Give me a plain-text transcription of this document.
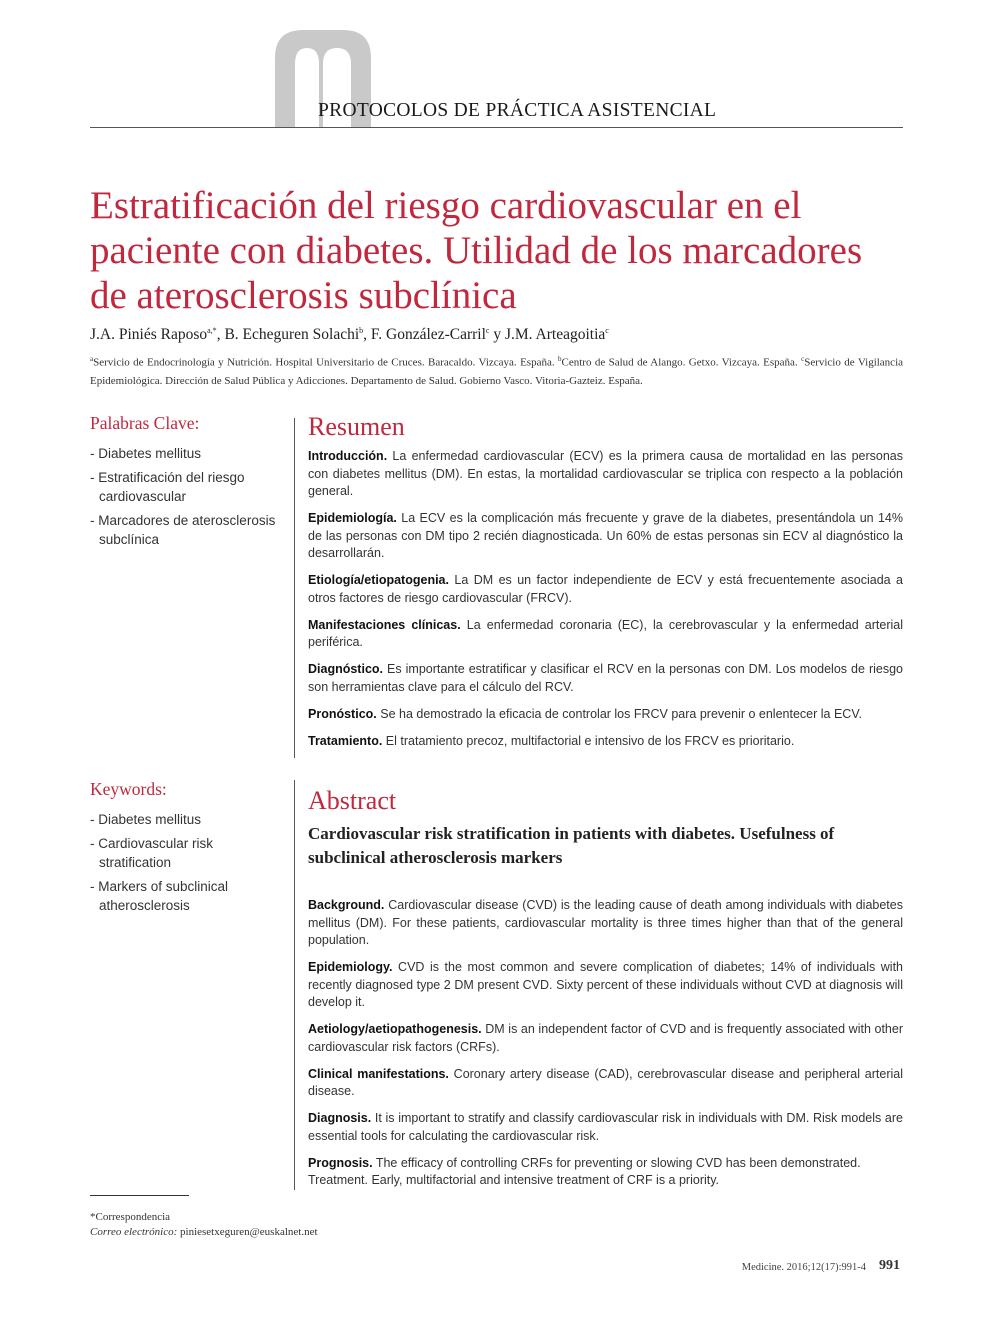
PROTOCOLOS DE PRÁCTICA ASISTENCIAL
Estratificación del riesgo cardiovascular en el paciente con diabetes. Utilidad de los marcadores de aterosclerosis subclínica
J.A. Piniés Raposo$^{a,*}$, B. Echeguren Solachi$^b$, F. González-Carril$^c$ y J.M. Arteagoitia$^c$
$^a$Servicio de Endocrinología y Nutrición. Hospital Universitario de Cruces. Baracaldo. Vizcaya. España. $^b$Centro de Salud de Alango. Getxo. Vizcaya. España. $^c$Servicio de Vigilancia Epidemiológica. Dirección de Salud Pública y Adicciones. Departamento de Salud. Gobierno Vasco. Vitoria-Gazteiz. España.
Palabras Clave:
- Diabetes mellitus
- Estratificación del riesgo cardiovascular
- Marcadores de aterosclerosis subclínica
Keywords:
- Diabetes mellitus
- Cardiovascular risk stratification
- Markers of subclinical atherosclerosis
Resumen

Introducción. La enfermedad cardiovascular (ECV) es la primera causa de mortalidad en las personas con diabetes mellitus (DM). En estas, la mortalidad cardiovascular se triplica con respecto a la población general.

Epidemiología. La ECV es la complicación más frecuente y grave de la diabetes, presentándola un 14% de las personas con DM tipo 2 recién diagnosticada. Un 60% de estas personas sin ECV al diagnóstico la desarrollarán.

Etiología/etiopatogenia. La DM es un factor independiente de ECV y está frecuentemente asociada a otros factores de riesgo cardiovascular (FRCV).

Manifestaciones clínicas. La enfermedad coronaria (EC), la cerebrovascular y la enfermedad arterial periférica.

Diagnóstico. Es importante estratificar y clasificar el RCV en la personas con DM. Los modelos de riesgo son herramientas clave para el cálculo del RCV.

Pronóstico. Se ha demostrado la eficacia de controlar los FRCV para prevenir o enlentecer la ECV.

Tratamiento. El tratamiento precoz, multifactorial e intensivo de los FRCV es prioritario.

Abstract
Cardiovascular risk stratification in patients with diabetes. Usefulness of subclinical atherosclerosis markers

Background. Cardiovascular disease (CVD) is the leading cause of death among individuals with diabetes mellitus (DM). For these patients, cardiovascular mortality is three times higher than that of the general population.

Epidemiology. CVD is the most common and severe complication of diabetes; 14% of individuals with recently diagnosed type 2 DM present CVD. Sixty percent of these individuals without CVD at diagnosis will develop it.

Aetiology/aetiopathogenesis. DM is an independent factor of CVD and is frequently associated with other cardiovascular risk factors (CRFs).

Clinical manifestations. Coronary artery disease (CAD), cerebrovascular disease and peripheral arterial disease.

Diagnosis. It is important to stratify and classify cardiovascular risk in individuals with DM. Risk models are essential tools for calculating the cardiovascular risk.

Prognosis. The efficacy of controlling CRFs for preventing or slowing CVD has been demonstrated. Treatment. Early, multifactorial and intensive treatment of CRF is a priority.

*Correspondencia
Correo electrónico: piniesetxeguren@euskalnet.net
Medicine. 2016;12(17):991-4 991
